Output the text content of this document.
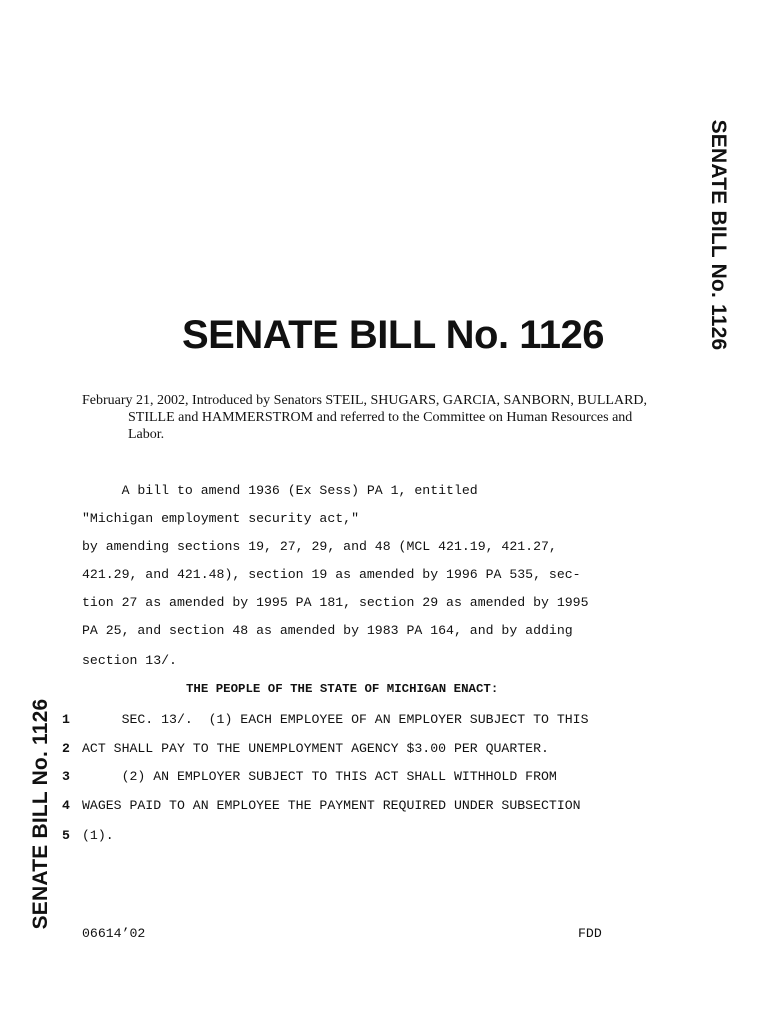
SENATE BILL No. 1126
SENATE BILL No. 1126
SENATE BILL No. 1126

February 21, 2002, Introduced by Senators STEIL, SHUGARS, GARCIA, SANBORN, BULLARD, STILLE and HAMMERSTROM and referred to the Committee on Human Resources and Labor.

A bill to amend 1936 (Ex Sess) PA 1, entitled
"Michigan employment security act,"
by amending sections 19, 27, 29, and 48 (MCL 421.19, 421.27,
421.29, and 421.48), section 19 as amended by 1996 PA 535, sec-
tion 27 as amended by 1995 PA 181, section 29 as amended by 1995
PA 25, and section 48 as amended by 1983 PA 164, and by adding
section 13/.
THE PEOPLE OF THE STATE OF MICHIGAN ENACT:
1 SEC. 13/.  (1) EACH EMPLOYEE OF AN EMPLOYER SUBJECT TO THIS
2 ACT SHALL PAY TO THE UNEMPLOYMENT AGENCY $3.00 PER QUARTER.
3 (2) AN EMPLOYER SUBJECT TO THIS ACT SHALL WITHHOLD FROM
4 WAGES PAID TO AN EMPLOYEE THE PAYMENT REQUIRED UNDER SUBSECTION
5 (1).
06614’02	FDD
